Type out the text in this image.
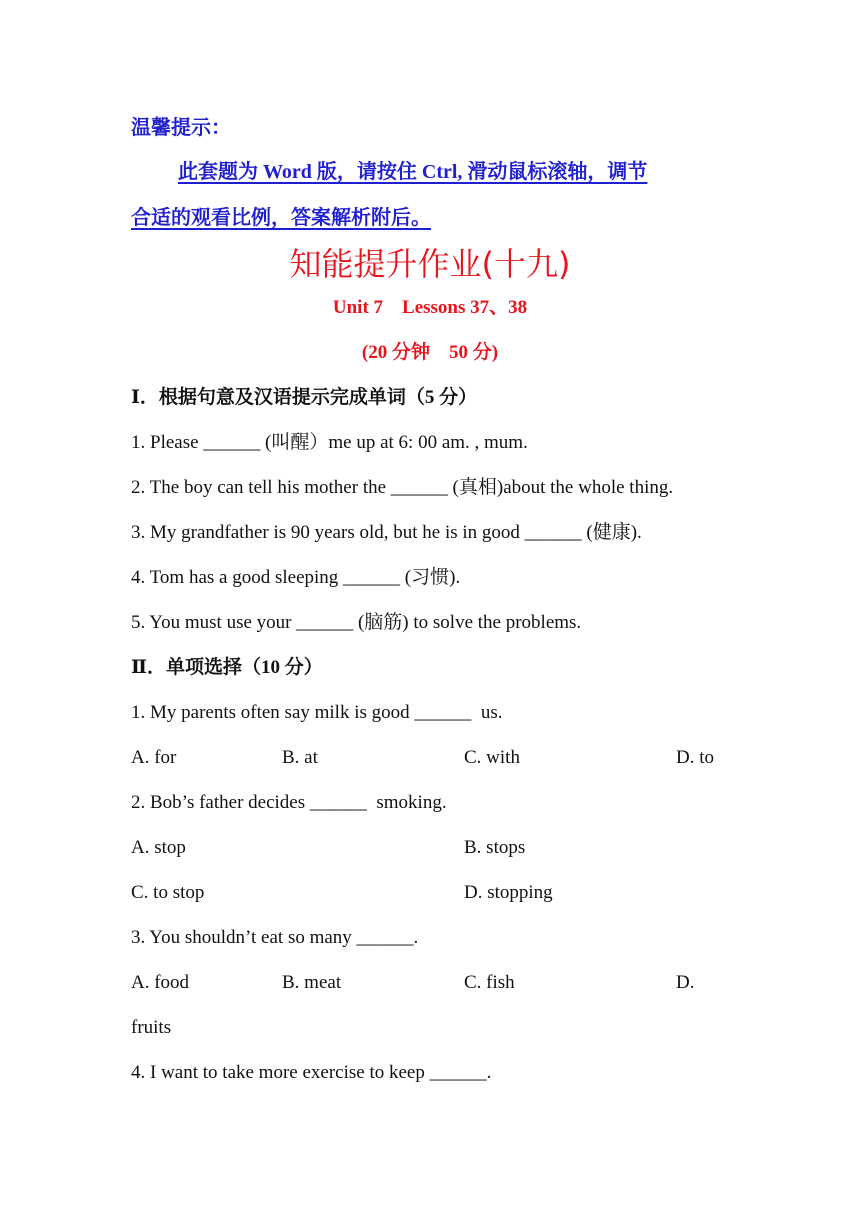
温馨提示：
此套题为 Word 版，请按住 Ctrl, 滑动鼠标滚轴，调节
合适的观看比例，答案解析附后。
知能提升作业(十九)
Unit 7    Lessons 37、38
(20 分钟    50 分)
Ⅰ．根据句意及汉语提示完成单词（5 分）
1. Please ______ (叫醒）me up at 6: 00 am. , mum.
2. The boy can tell his mother the ______ (真相)about the whole thing.
3. My grandfather is 90 years old, but he is in good ______ (健康).
4. Tom has a good sleeping ______ (习惯).
5. You must use your ______ (脑筋) to solve the problems.
Ⅱ．单项选择（10 分）
1. My parents often say milk is good ______  us.
A. for	B. at	C. with	D. to
2. Bob’s father decides ______  smoking.
A. stop	B. stops
C. to stop	D. stopping
3. You shouldn’t eat so many ______.
A. food	B. meat	C. fish	D.
fruits
4. I want to take more exercise to keep ______.
